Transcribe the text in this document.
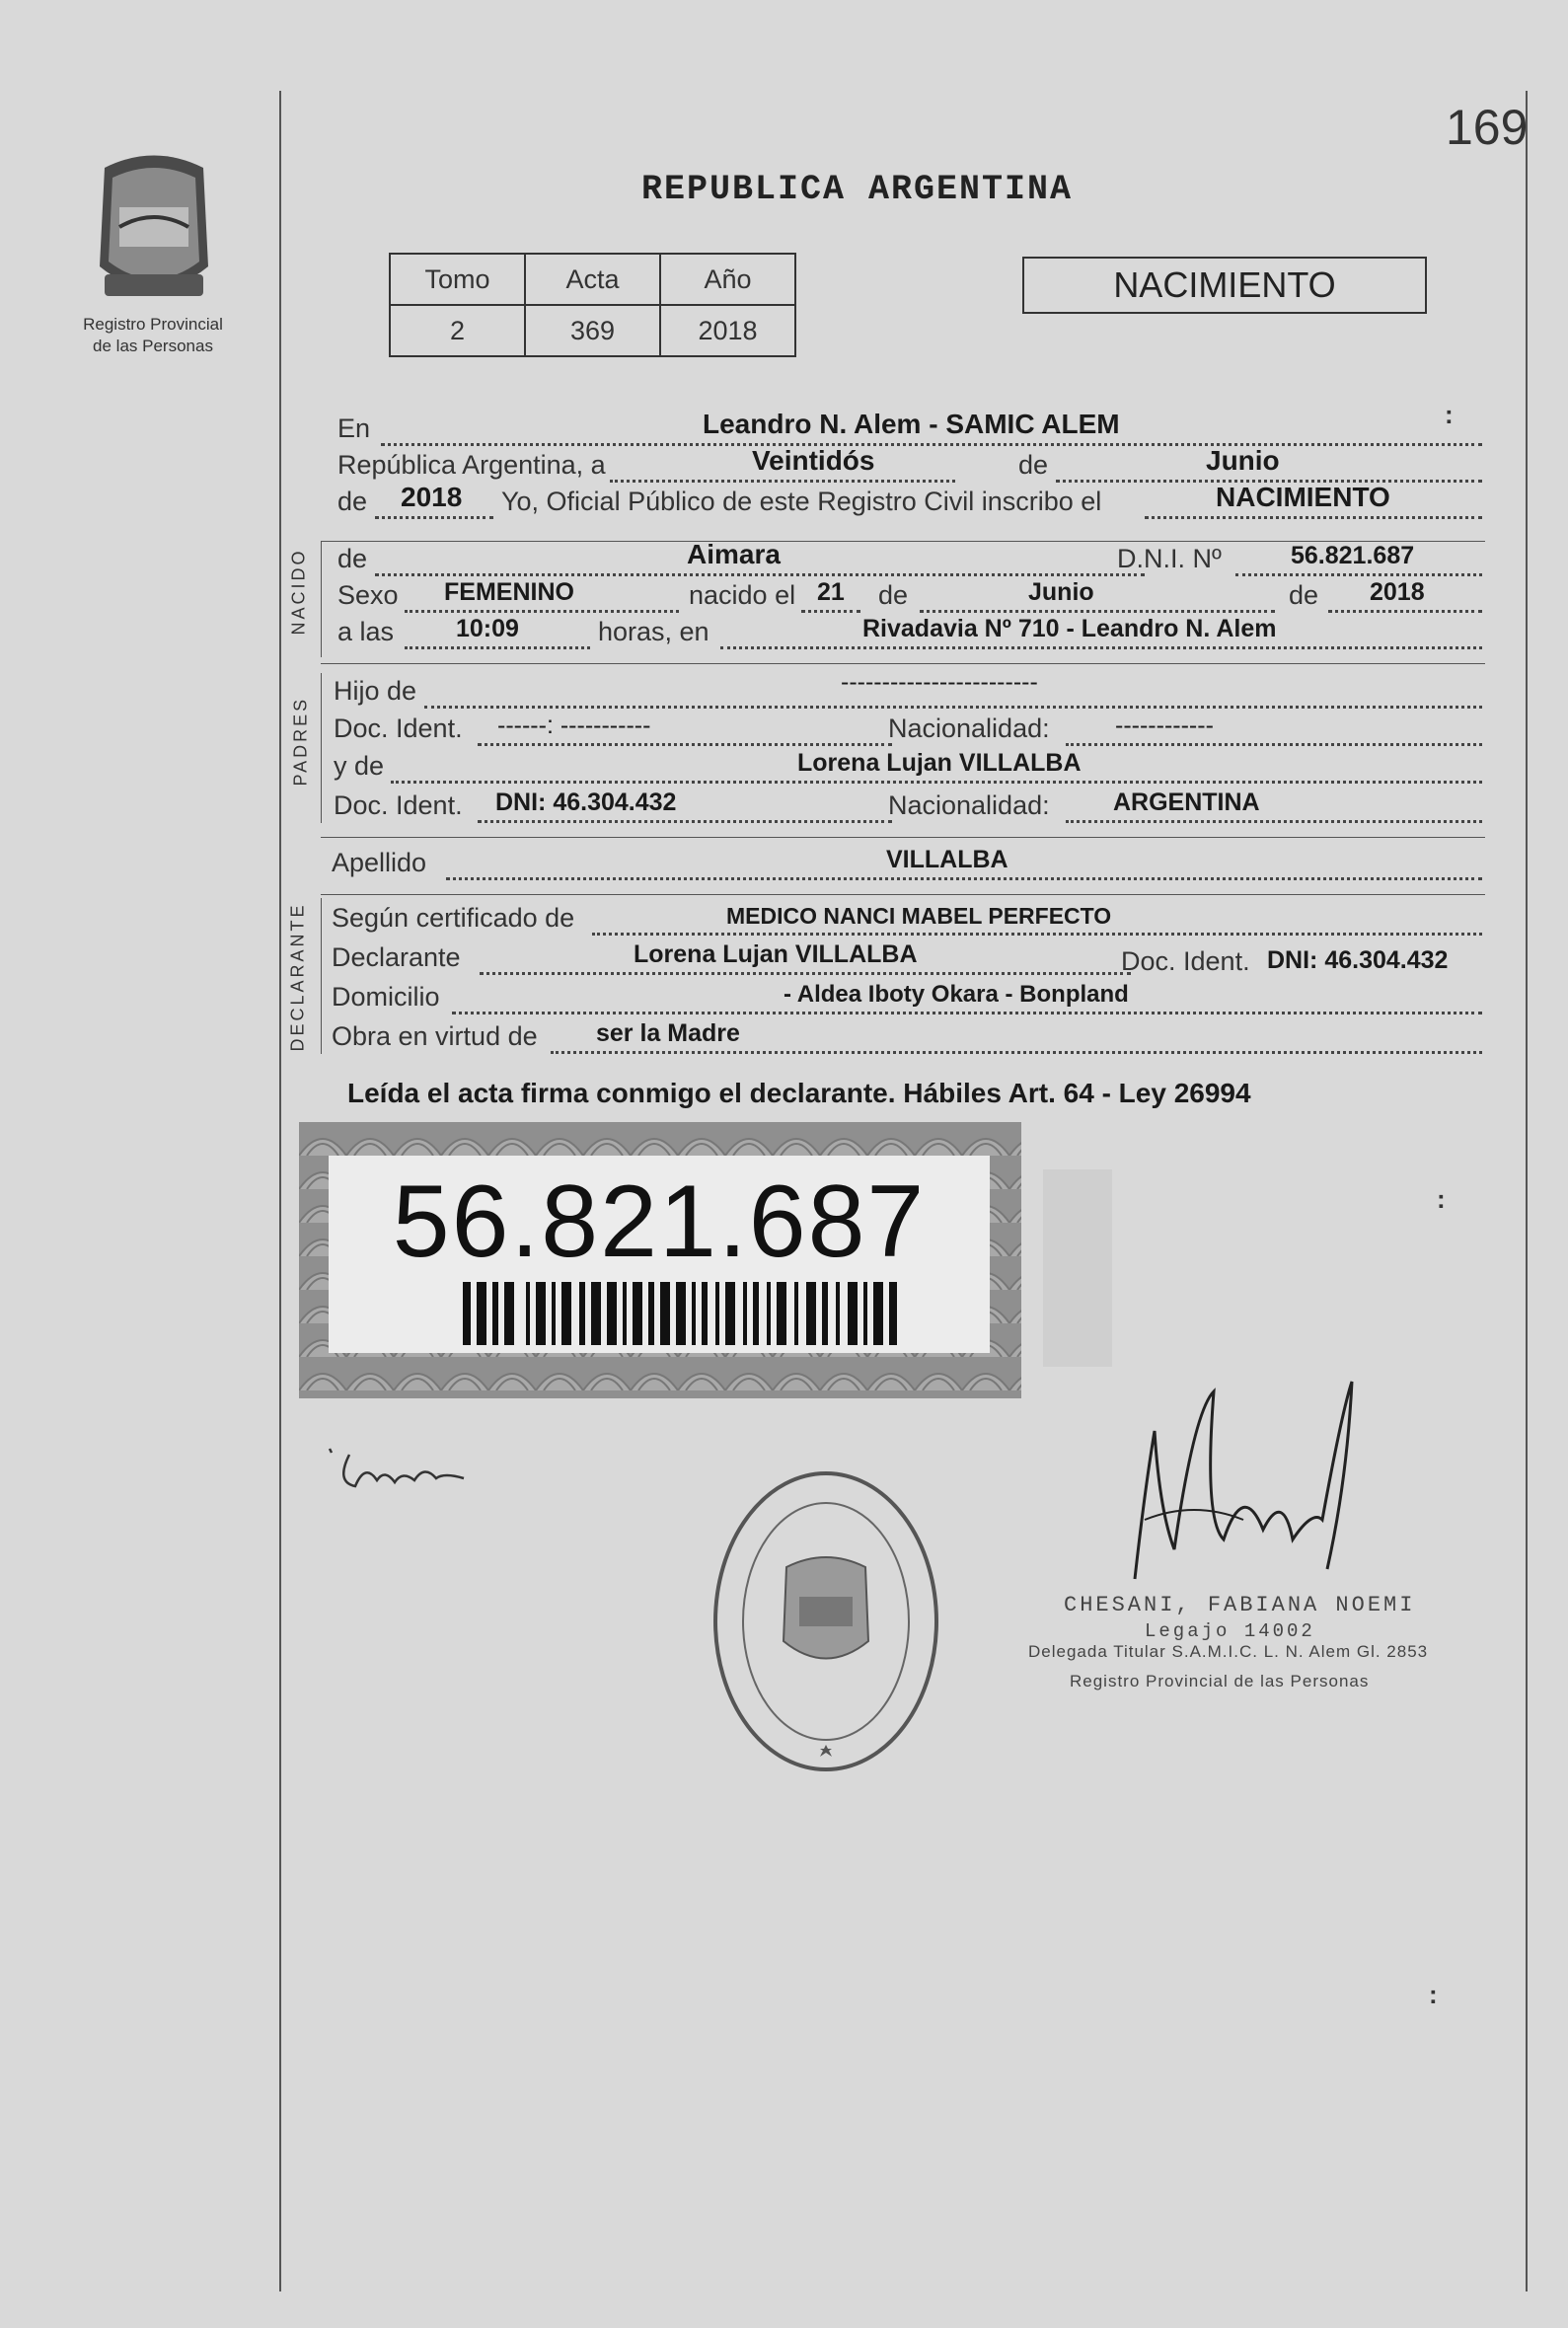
169
Registro Provincial
de las Personas
REPUBLICA ARGENTINA
Tomo	Acta	Año
2	369	2018
NACIMIENTO
En	Leandro N. Alem - SAMIC ALEM
República Argentina, a	Veintidós	de	Junio
de 2018 Yo, Oficial Público de este Registro Civil inscribo el	NACIMIENTO
NACIDO de	Aimara	D.N.I. Nº	56.821.687
Sexo FEMENINO	nacido el 21 de	Junio	de 2018
a las	10:09	horas, en	Rivadavia Nº 710 - Leandro N. Alem
PADRES
Hijo de	------------------------
Doc. Ident. ------: -----------	Nacionalidad:	------------
y de	Lorena Lujan VILLALBA
Doc. Ident. DNI: 46.304.432	Nacionalidad:	ARGENTINA
Apellido	VILLALBA
DECLARANTE Según certificado de	MEDICO NANCI MABEL PERFECTO
Declarante	Lorena Lujan VILLALBA	Doc. Ident. DNI: 46.304.432
Domicilio	- Aldea Iboty Okara - Bonpland
Obra en virtud de ser la Madre
Leída el acta firma conmigo el declarante. Hábiles Art. 64 - Ley 26994
56.821.687
:
:
:
CHESANI, FABIANA NOEMI
Legajo 14002
Delegada Titular S.A.M.I.C. L. N. Alem Gl. 2853
Registro Provincial de las Personas
